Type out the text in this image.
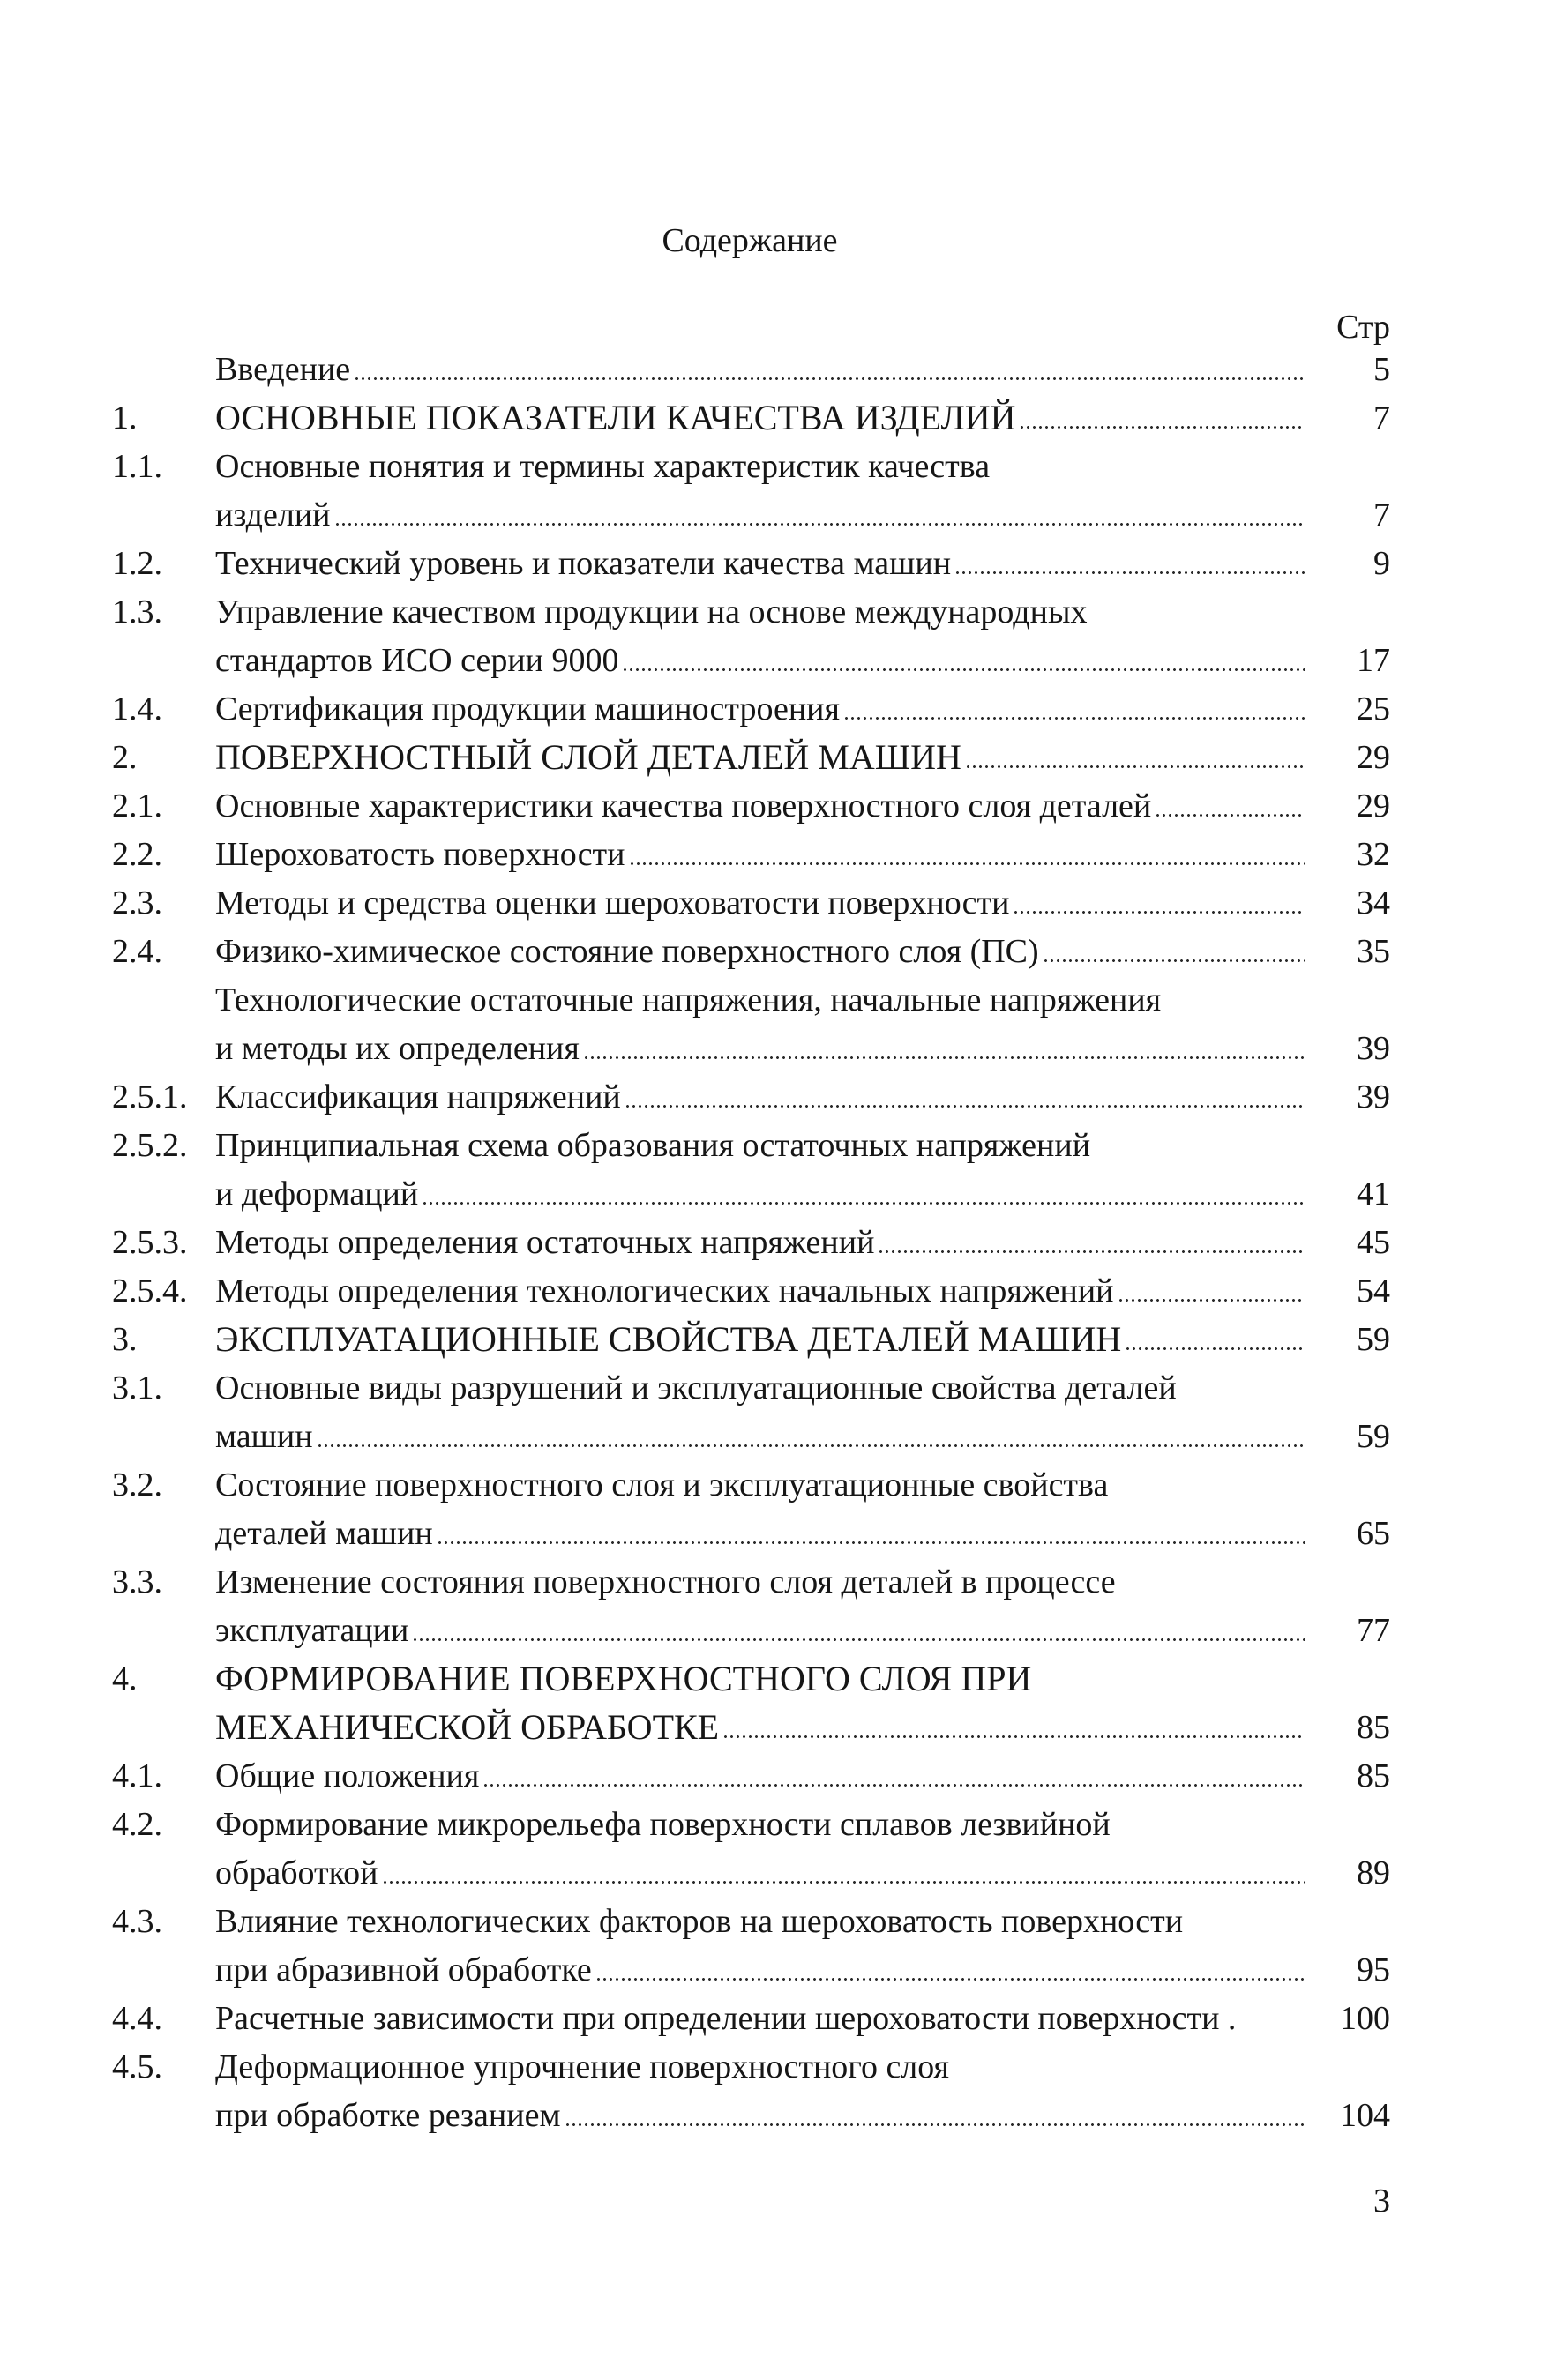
Содержание
Стр
Введение	5
1. ОСНОВНЫЕ ПОКАЗАТЕЛИ КАЧЕСТВА ИЗДЕЛИЙ	7
1.1. Основные понятия и термины характеристик качества
изделий	7
1.2. Технический уровень и показатели качества машин	9
1.3. Управление качеством продукции на основе международных
стандартов ИСО серии 9000	17
1.4. Сертификация продукции машиностроения	25
2. ПОВЕРХНОСТНЫЙ СЛОЙ ДЕТАЛЕЙ МАШИН	29
2.1. Основные характеристики качества поверхностного слоя деталей	29
2.2. Шероховатость поверхности	32
2.3. Методы и средства оценки шероховатости поверхности	34
2.4. Физико-химическое состояние поверхностного слоя (ПС)	35
Технологические остаточные напряжения, начальные напряжения
и методы их определения	39
2.5.1. Классификация напряжений	39
2.5.2. Принципиальная схема образования остаточных напряжений
и деформаций	41
2.5.3. Методы определения остаточных напряжений	45
2.5.4. Методы определения технологических начальных напряжений	54
3. ЭКСПЛУАТАЦИОННЫЕ СВОЙСТВА ДЕТАЛЕЙ МАШИН	59
3.1. Основные виды разрушений и эксплуатационные свойства деталей
машин	59
3.2. Состояние поверхностного слоя и эксплуатационные свойства
деталей машин	65
3.3. Изменение состояния поверхностного слоя деталей в процессе
эксплуатации	77
4. ФОРМИРОВАНИЕ ПОВЕРХНОСТНОГО СЛОЯ ПРИ
МЕХАНИЧЕСКОЙ ОБРАБОТКЕ	85
4.1. Общие положения	85
4.2. Формирование микрорельефа поверхности сплавов лезвийной
обработкой	89
4.3. Влияние технологических факторов на шероховатость поверхности
при абразивной обработке	95
4.4. Расчетные зависимости при определении шероховатости поверхности .	100
4.5. Деформационное упрочнение поверхностного слоя
при обработке резанием	104
3
